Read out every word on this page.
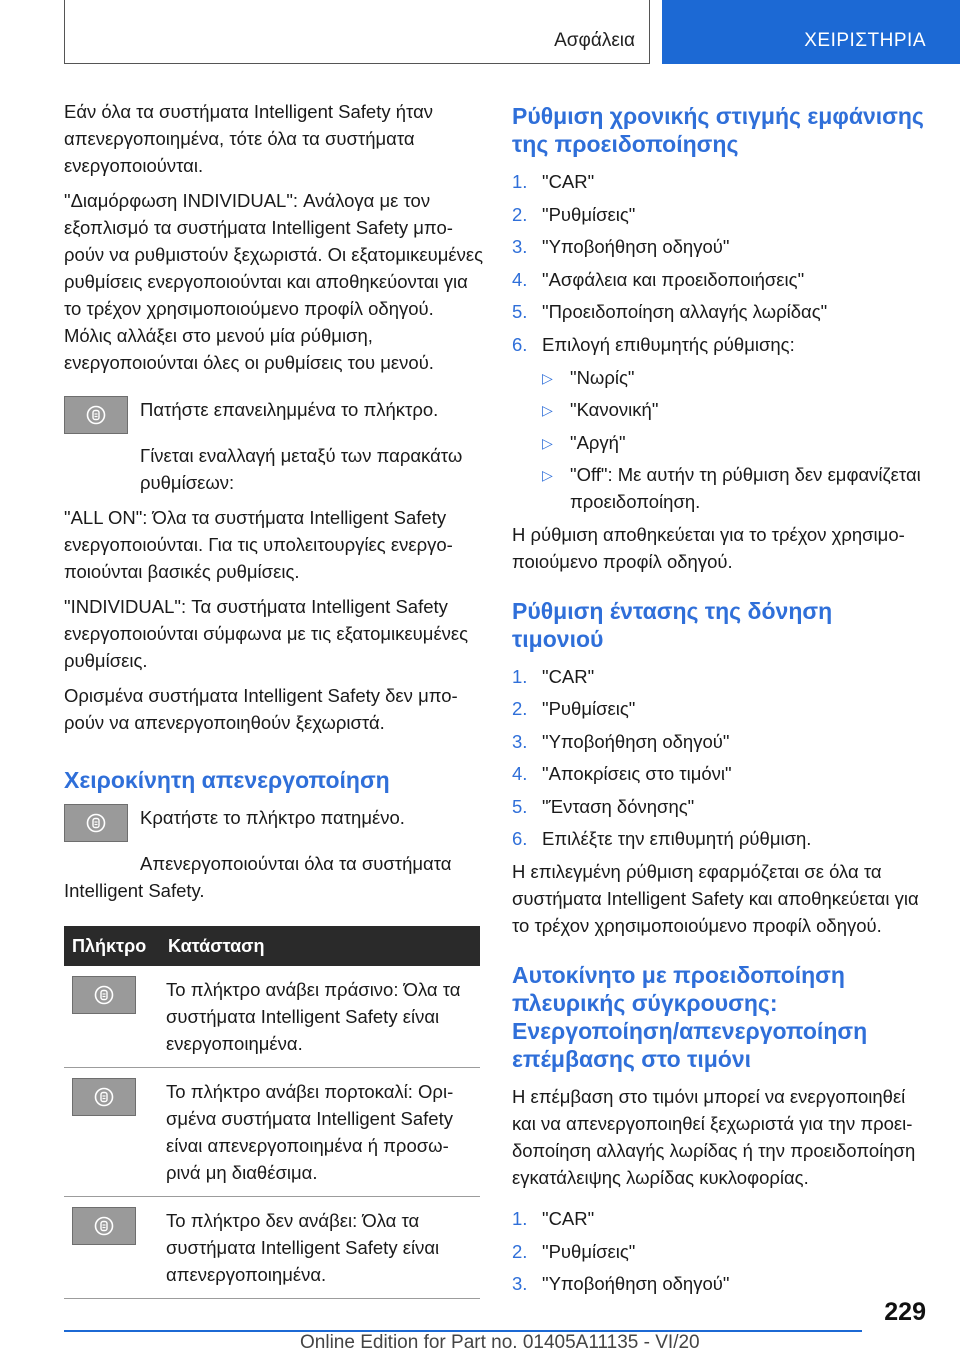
Ασφάλεια	ΧΕΙΡΙΣΤΗΡΙΑ

Εάν όλα τα συστήματα Intelligent Safety ήταν απενεργοποιημένα, τότε όλα τα συστήματα ενεργοποιούνται.

"Διαμόρφωση INDIVIDUAL": Ανάλογα με τον εξοπλισμό τα συστήματα Intelligent Safety μπορούν να ρυθμιστούν ξεχωριστά. Οι εξατομικευμένες ρυθμίσεις ενεργοποιούνται και αποθηκεύονται για το τρέχον χρησιμοποιούμενο προφίλ οδηγού. Μόλις αλλάξει στο μενού μία ρύθμιση, ενεργοποιούνται όλες οι ρυθμίσεις του μενού.

Πατήστε επανειλημμένα το πλήκτρο.

Γίνεται εναλλαγή μεταξύ των παρακάτω ρυθμίσεων:

"ALL ON": Όλα τα συστήματα Intelligent Safety ενεργοποιούνται. Για τις υπολειτουργίες ενεργοποιούνται βασικές ρυθμίσεις.

"INDIVIDUAL": Τα συστήματα Intelligent Safety ενεργοποιούνται σύμφωνα με τις εξατομικευμένες ρυθμίσεις.

Ορισμένα συστήματα Intelligent Safety δεν μπορούν να απενεργοποιηθούν ξεχωριστά.

Χειροκίνητη απενεργοποίηση

Κρατήστε το πλήκτρο πατημένο.

Απενεργοποιούνται όλα τα συστήματα Intelligent Safety.

Πλήκτρο	Κατάσταση

	Το πλήκτρο ανάβει πράσινο: Όλα τα συστήματα Intelligent Safety είναι ενεργοποιημένα.

	Το πλήκτρο ανάβει πορτοκαλί: Ορισμένα συστήματα Intelligent Safety είναι απενεργοποιημένα ή προσωρινά μη διαθέσιμα.

	Το πλήκτρο δεν ανάβει: Όλα τα συστήματα Intelligent Safety είναι απενεργοποιημένα.
Ρύθμιση χρονικής στιγμής εμφάνισης της προειδοποίησης
1. "CAR"
2. "Ρυθμίσεις"
3. "Υποβοήθηση οδηγού"
4. "Ασφάλεια και προειδοποιήσεις"
5. "Προειδοποίηση αλλαγής λωρίδας"
6. Επιλογή επιθυμητής ρύθμισης:
▷ "Νωρίς"
▷ "Κανονική"
▷ "Αργή"
▷ "Off": Με αυτήν τη ρύθμιση δεν εμφανίζεται προειδοποίηση.

Η ρύθμιση αποθηκεύεται για το τρέχον χρησιμοποιούμενο προφίλ οδηγού.

Ρύθμιση έντασης της δόνηση τιμονιού
1. "CAR"
2. "Ρυθμίσεις"
3. "Υποβοήθηση οδηγού"
4. "Αποκρίσεις στο τιμόνι"
5. "Ένταση δόνησης"
6. Επιλέξτε την επιθυμητή ρύθμιση.

Η επιλεγμένη ρύθμιση εφαρμόζεται σε όλα τα συστήματα Intelligent Safety και αποθηκεύεται για το τρέχον χρησιμοποιούμενο προφίλ οδηγού.

Αυτοκίνητο με προειδοποίηση πλευρικής σύγκρουσης: Ενεργοποίηση/απενεργοποίηση επέμβασης στο τιμόνι

Η επέμβαση στο τιμόνι μπορεί να ενεργοποιηθεί και να απενεργοποιηθεί ξεχωριστά για την προειδοποίηση αλλαγής λωρίδας ή την προειδοποίηση εγκατάλειψης λωρίδας κυκλοφορίας.

1. "CAR"
2. "Ρυθμίσεις"
3. "Υποβοήθηση οδηγού"
229
Online Edition for Part no. 01405A11135 - VI/20
